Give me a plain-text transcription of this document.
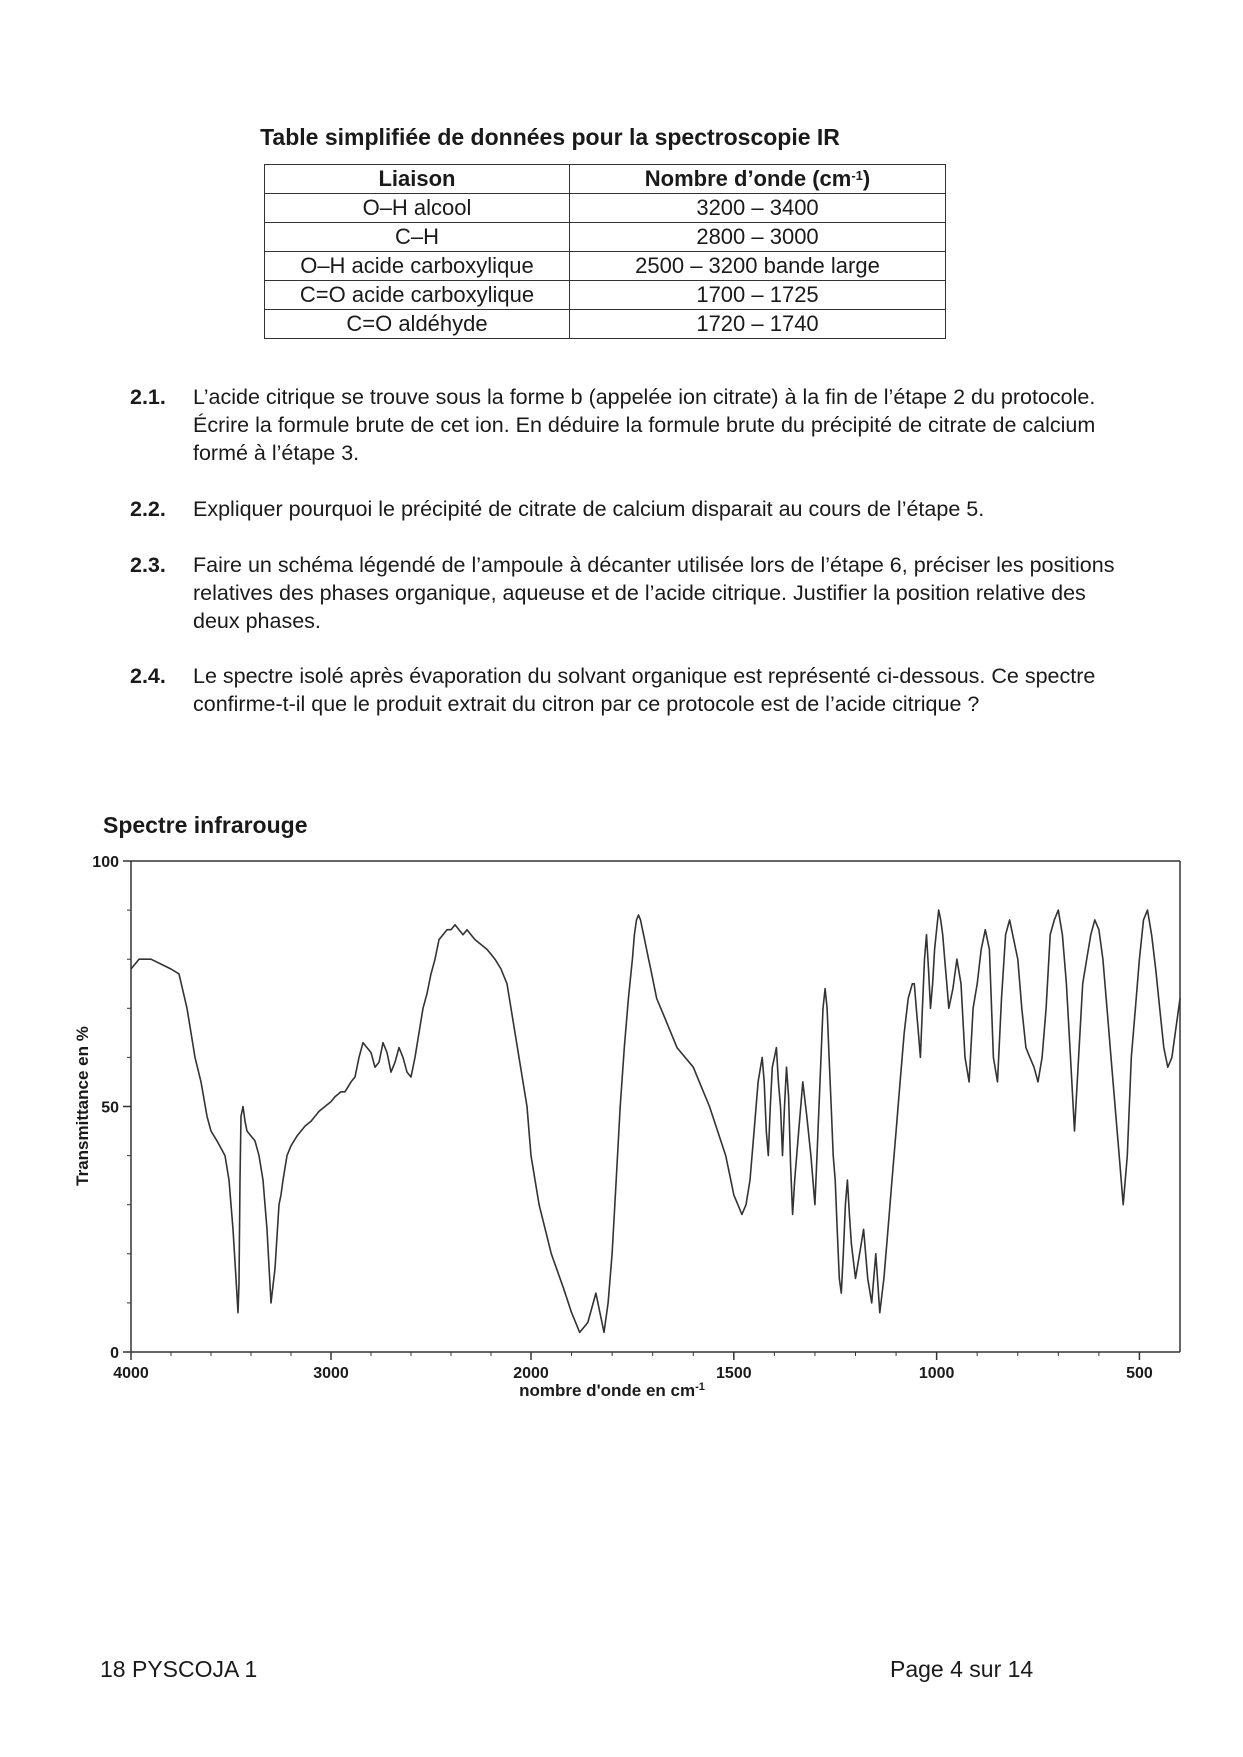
Table simplifiée de données pour la spectroscopie IR
Liaison	Nombre d’onde $(cm^{-1})$
O–H alcool	3200 – 3400
C–H	2800 – 3000
O–H acide carboxylique	2500 – 3200 bande large
C=O acide carboxylique	1700 – 1725
C=O aldéhyde	1720 – 1740
2.1. L’acide citrique se trouve sous la forme b (appelée ion citrate) à la fin de l’étape 2 du protocole. Écrire la formule brute de cet ion. En déduire la formule brute du précipité de citrate de calcium formé à l’étape 3.
2.2. Expliquer pourquoi le précipité de citrate de calcium disparait au cours de l’étape 5.
2.3. Faire un schéma légendé de l’ampoule à décanter utilisée lors de l’étape 6, préciser les positions relatives des phases organique, aqueuse et de l’acide citrique. Justifier la position relative des deux phases.
2.4. Le spectre isolé après évaporation du solvant organique est représenté ci-dessous. Ce spectre confirme-t-il que le produit extrait du citron par ce protocole est de l’acide citrique ?
Spectre infrarouge
4000	3000	2000	1500	1000	500
0
50
100
nombre d'onde en $cm^{-1}$
Transmittance en %
18 PYSCOJA 1	Page 4 sur 14
